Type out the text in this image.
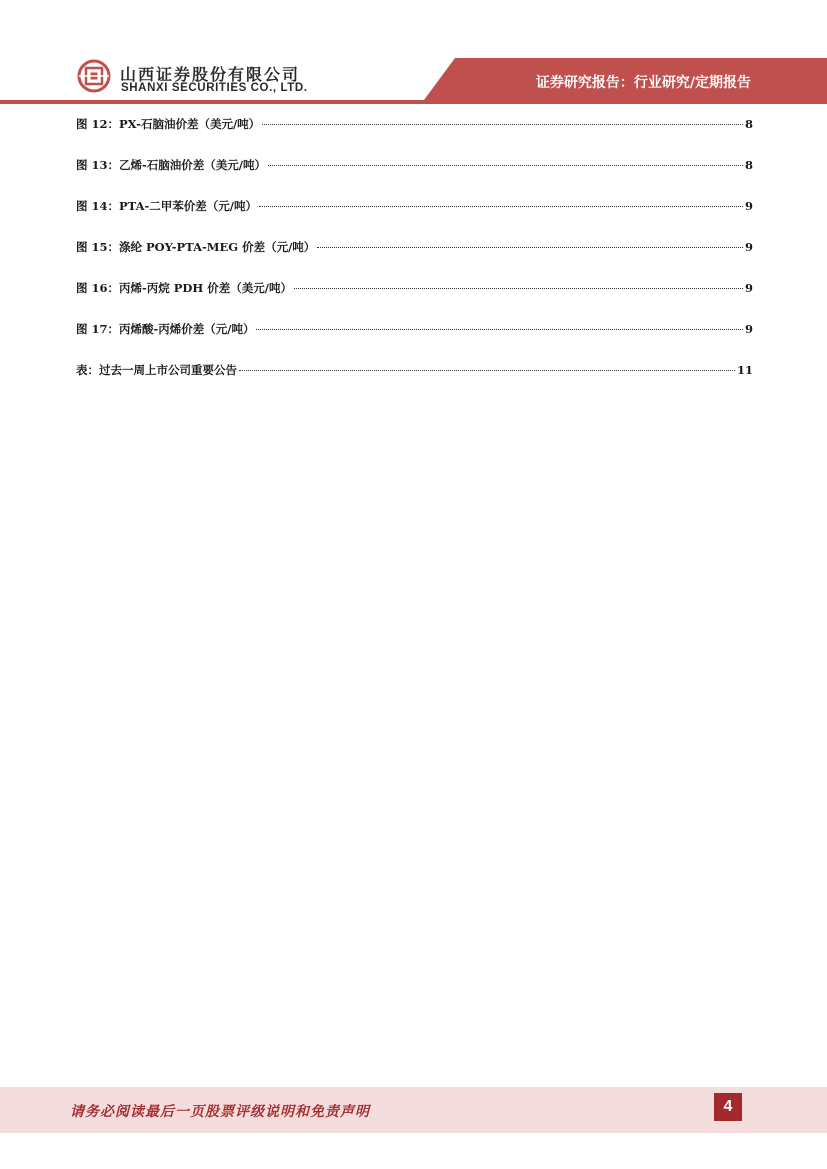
山西证券股份有限公司
SHANXI SECURITIES CO., LTD.	证券研究报告：行业研究/定期报告
图 12：PX-石脑油价差（美元/吨）	8
图 13：乙烯-石脑油价差（美元/吨）	8
图 14：PTA-二甲苯价差（元/吨）	9
图 15：涤纶 POY-PTA-MEG 价差（元/吨）	9
图 16：丙烯-丙烷 PDH 价差（美元/吨）	9
图 17：丙烯酸-丙烯价差（元/吨）	9
表：过去一周上市公司重要公告	11
请务必阅读最后一页股票评级说明和免责声明	4
